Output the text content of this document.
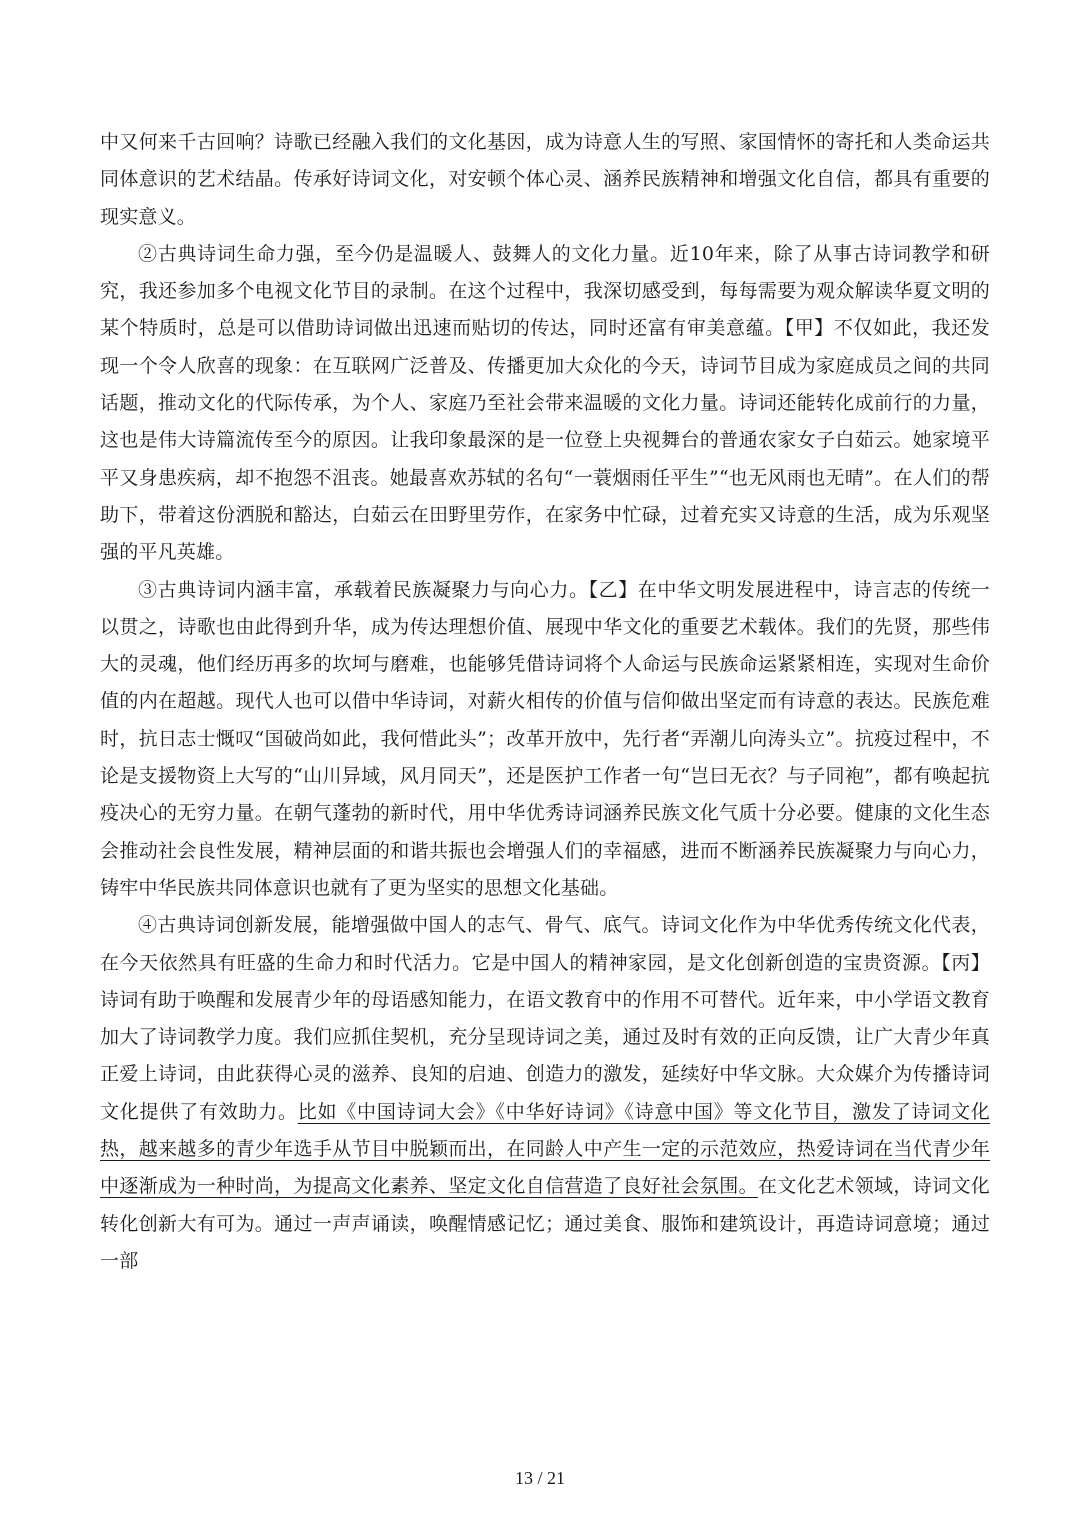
中又何来千古回响？诗歌已经融入我们的文化基因，成为诗意人生的写照、家国情怀的寄托和人类命运共同体意识的艺术结晶。传承好诗词文化，对安顿个体心灵、涵养民族精神和增强文化自信，都具有重要的现实意义。

②古典诗词生命力强，至今仍是温暖人、鼓舞人的文化力量。近10年来，除了从事古诗词教学和研究，我还参加多个电视文化节目的录制。在这个过程中，我深切感受到，每每需要为观众解读华夏文明的某个特质时，总是可以借助诗词做出迅速而贴切的传达，同时还富有审美意蕴。【甲】不仅如此，我还发现一个令人欣喜的现象：在互联网广泛普及、传播更加大众化的今天，诗词节目成为家庭成员之间的共同话题，推动文化的代际传承，为个人、家庭乃至社会带来温暖的文化力量。诗词还能转化成前行的力量，这也是伟大诗篇流传至今的原因。让我印象最深的是一位登上央视舞台的普通农家女子白茹云。她家境平平又身患疾病，却不抱怨不沮丧。她最喜欢苏轼的名句“一蓑烟雨任平生”“也无风雨也无晴”。在人们的帮助下，带着这份洒脱和豁达，白茹云在田野里劳作，在家务中忙碌，过着充实又诗意的生活，成为乐观坚强的平凡英雄。

③古典诗词内涵丰富，承载着民族凝聚力与向心力。【乙】在中华文明发展进程中，诗言志的传统一以贯之，诗歌也由此得到升华，成为传达理想价值、展现中华文化的重要艺术载体。我们的先贤，那些伟大的灵魂，他们经历再多的坎坷与磨难，也能够凭借诗词将个人命运与民族命运紧紧相连，实现对生命价值的内在超越。现代人也可以借中华诗词，对薪火相传的价值与信仰做出坚定而有诗意的表达。民族危难时，抗日志士慨叹“国破尚如此，我何惜此头”；改革开放中，先行者“弄潮儿向涛头立”。抗疫过程中，不论是支援物资上大写的“山川异域，风月同天”，还是医护工作者一句“岂曰无衣？与子同袍”，都有唤起抗疫决心的无穷力量。在朝气蓬勃的新时代，用中华优秀诗词涵养民族文化气质十分必要。健康的文化生态会推动社会良性发展，精神层面的和谐共振也会增强人们的幸福感，进而不断涵养民族凝聚力与向心力，铸牢中华民族共同体意识也就有了更为坚实的思想文化基础。

④古典诗词创新发展，能增强做中国人的志气、骨气、底气。诗词文化作为中华优秀传统文化代表，在今天依然具有旺盛的生命力和时代活力。它是中国人的精神家园，是文化创新创造的宝贵资源。【丙】诗词有助于唤醒和发展青少年的母语感知能力，在语文教育中的作用不可替代。近年来，中小学语文教育加大了诗词教学力度。我们应抓住契机，充分呈现诗词之美，通过及时有效的正向反馈，让广大青少年真正爱上诗词，由此获得心灵的滋养、良知的启迪、创造力的激发，延续好中华文脉。大众媒介为传播诗词文化提供了有效助力。比如《中国诗词大会》《中华好诗词》《诗意中国》等文化节目，激发了诗词文化热，越来越多的青少年选手从节目中脱颖而出，在同龄人中产生一定的示范效应，热爱诗词在当代青少年中逐渐成为一种时尚，为提高文化素养、坚定文化自信营造了良好社会氛围。在文化艺术领域，诗词文化转化创新大有可为。通过一声声诵读，唤醒情感记忆；通过美食、服饰和建筑设计，再造诗词意境；通过一部

13 / 21
